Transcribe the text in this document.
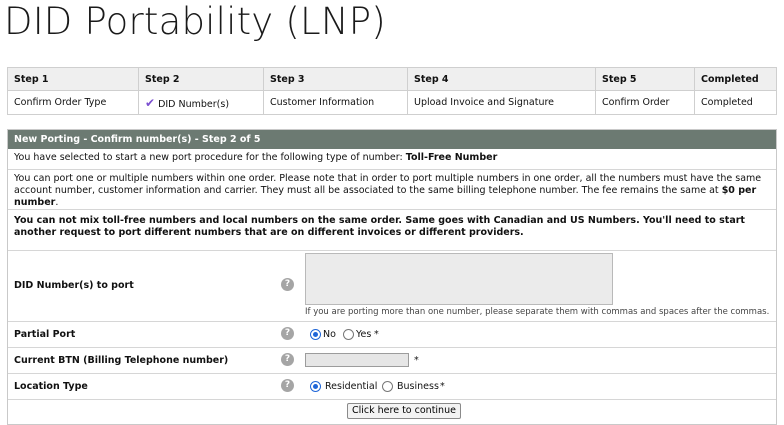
DID Portability (LNP)
Step 1	Step 2	Step 3	Step 4	Step 5	Completed
Confirm Order Type	✔ DID Number(s)	Customer Information	Upload Invoice and Signature	Confirm Order	Completed
New Porting - Confirm number(s) - Step 2 of 5
You have selected to start a new port procedure for the following type of number: Toll-Free Number
You can port one or multiple numbers within one order. Please note that in order to port multiple numbers in one order, all the numbers must have the same account number, customer information and carrier. They must all be associated to the same billing telephone number. The fee remains the same at $0 per number.
You can not mix toll-free numbers and local numbers on the same order. Same goes with Canadian and US Numbers. You'll need to start another request to port different numbers that are on different invoices or different providers.
DID Number(s) to port	?
If you are porting more than one number, please separate them with commas and spaces after the commas.
Partial Port	?	No Yes *
Current BTN (Billing Telephone number)	?	*
Location Type	?	Residential Business *
Click here to continue
